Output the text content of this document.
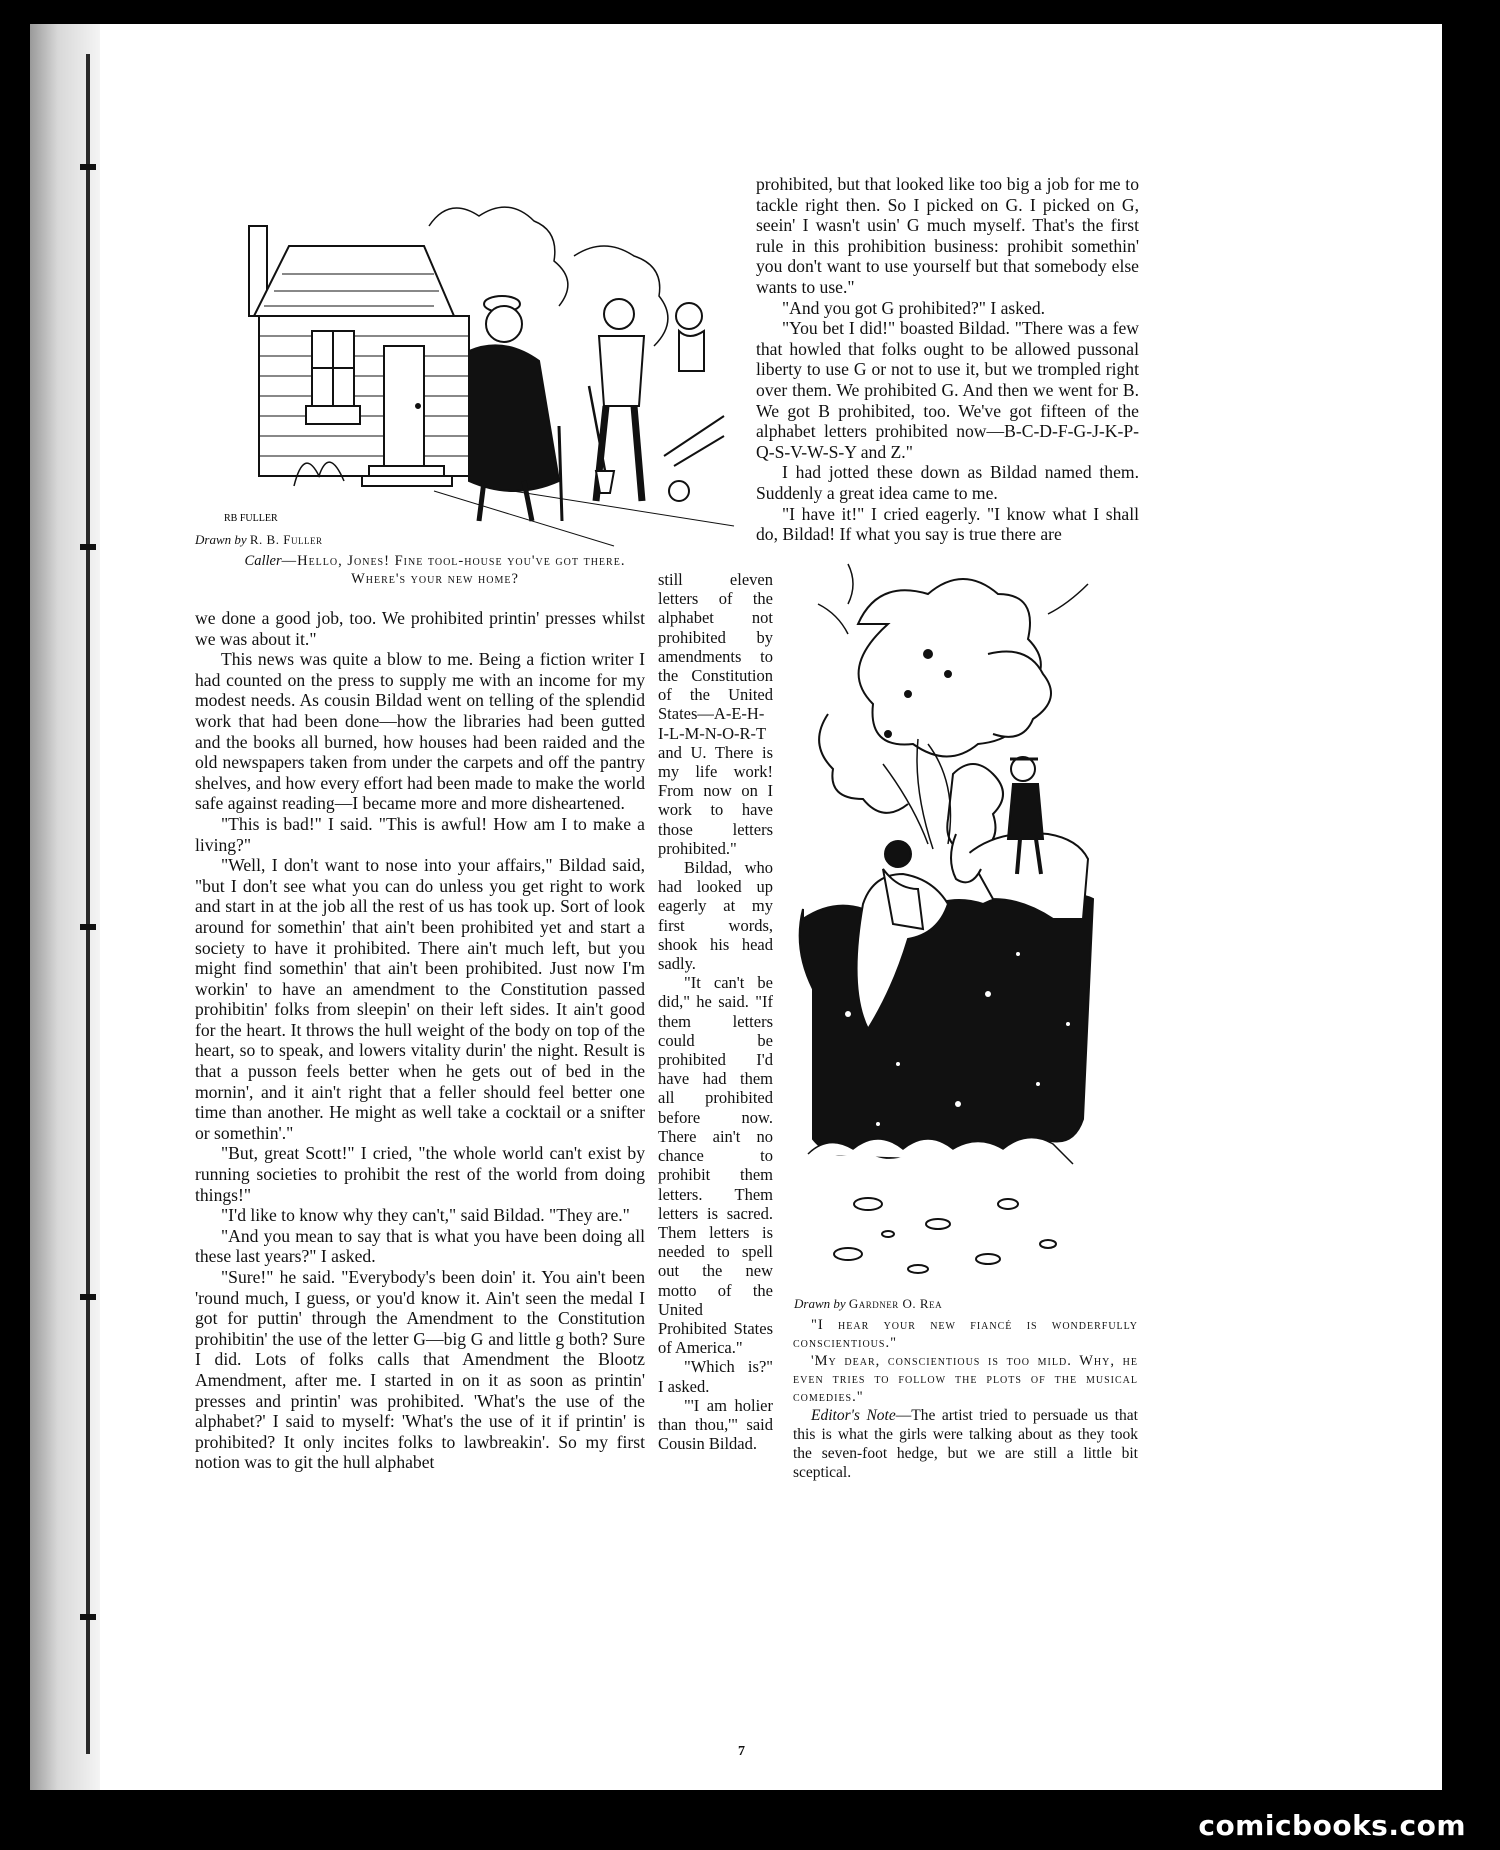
RB FULLER
Drawn by R. B. Fuller
Caller—Hello, Jones! Fine tool-house you've got there. Where's your new home?

prohibited, but that looked like too big a job for me to tackle right then. So I picked on G. I picked on G, seein' I wasn't usin' G much myself. That's the first rule in this prohibition business: prohibit somethin' you don't want to use yourself but that somebody else wants to use."

"And you got G prohibited?" I asked.

"You bet I did!" boasted Bildad. "There was a few that howled that folks ought to be allowed pussonal liberty to use G or not to use it, but we trompled right over them. We prohibited G. And then we went for B. We got B prohibited, too. We've got fifteen of the alphabet letters prohibited now—B-C-D-F-G-J-K-P-Q-S-V-W-S-Y and Z."

I had jotted these down as Bildad named them. Suddenly a great idea came to me.

"I have it!" I cried eagerly. "I know what I shall do, Bildad! If what you say is true there are

we done a good job, too. We prohibited printin' presses whilst we was about it."

This news was quite a blow to me. Being a fiction writer I had counted on the press to supply me with an income for my modest needs. As cousin Bildad went on telling of the splendid work that had been done—how the libraries had been gutted and the books all burned, how houses had been raided and the old newspapers taken from under the carpets and off the pantry shelves, and how every effort had been made to make the world safe against reading—I became more and more disheartened.

"This is bad!" I said. "This is awful! How am I to make a living?"

"Well, I don't want to nose into your affairs," Bildad said, "but I don't see what you can do unless you get right to work and start in at the job all the rest of us has took up. Sort of look around for somethin' that ain't been prohibited yet and start a society to have it prohibited. There ain't much left, but you might find somethin' that ain't been prohibited. Just now I'm workin' to have an amendment to the Constitution passed prohibitin' folks from sleepin' on their left sides. It ain't good for the heart. It throws the hull weight of the body on top of the heart, so to speak, and lowers vitality durin' the night. Result is that a pusson feels better when he gets out of bed in the mornin', and it ain't right that a feller should feel better one time than another. He might as well take a cocktail or a snifter or somethin'."

"But, great Scott!" I cried, "the whole world can't exist by running societies to prohibit the rest of the world from doing things!"

"I'd like to know why they can't," said Bildad. "They are."

"And you mean to say that is what you have been doing all these last years?" I asked.

"Sure!" he said. "Everybody's been doin' it. You ain't been 'round much, I guess, or you'd know it. Ain't seen the medal I got for puttin' through the Amendment to the Constitution prohibitin' the use of the letter G—big G and little g both? Sure I did. Lots of folks calls that Amendment the Blootz Amendment, after me. I started in on it as soon as printin' presses and printin' was prohibited. 'What's the use of the alphabet?' I said to myself: 'What's the use of it if printin' is prohibited? It only incites folks to lawbreakin'. So my first notion was to git the hull alphabet

still eleven letters of the alphabet not prohibited by amendments to the Constitution of the United States—A-E-H-I-L-M-N-O-R-T and U. There is my life work! From now on I work to have those letters prohibited."

Bildad, who had looked up eagerly at my first words, shook his head sadly.

"It can't be did," he said. "If them letters could be prohibited I'd have had them all prohibited before now. There ain't no chance to prohibit them letters. Them letters is sacred. Them letters is needed to spell out the new motto of the United Prohibited States of America."

"Which is?" I asked.

"'I am holier than thou,'" said Cousin Bildad.

Drawn by Gardner O. Rea

"I hear your new fiancé is wonderfully conscientious."

'My dear, conscientious is too mild. Why, he even tries to follow the plots of the musical comedies."

Editor's Note—The artist tried to persuade us that this is what the girls were talking about as they took the seven-foot hedge, but we are still a little bit sceptical.

7
comicbooks.com
